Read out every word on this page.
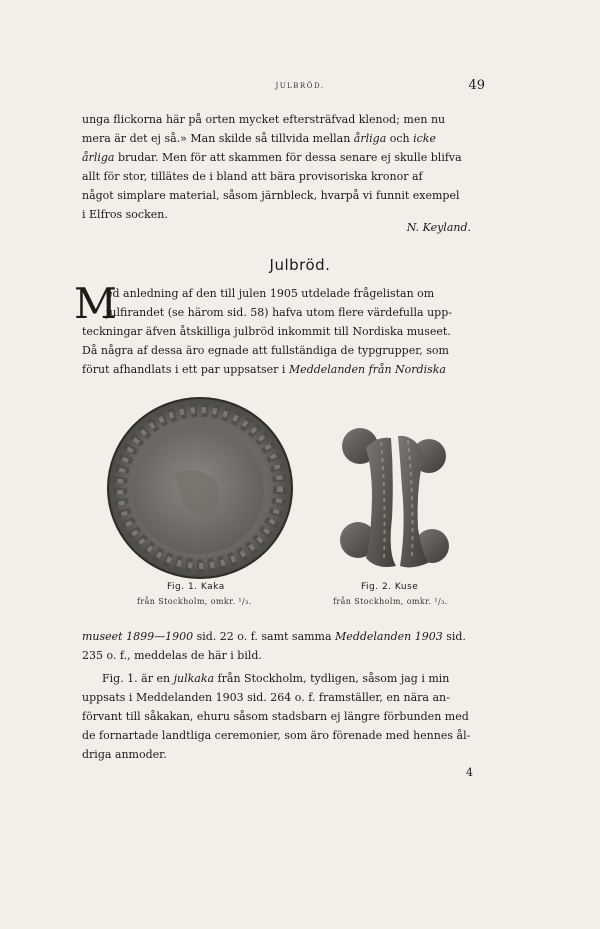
JULBRÖD.	49

unga flickorna här på orten mycket eftersträfvad klenod; men nu
mera är det ej så.» Man skilde så tillvida mellan årliga och icke
årliga brudar. Men för att skammen för dessa senare ej skulle blifva
allt för stor, tillätes de i bland att bära provisoriska kronor af
något simplare material, såsom järnbleck, hvarpå vi funnit exempel
i Elfros socken.

N. Keyland.
Julbröd.
M

ed anledning af den till julen 1905 utdelade frågelistan om
julfirandet (se härom sid. 58) hafva utom flere värdefulla upp-
teckningar äfven åtskilliga julbröd inkommit till Nordiska museet.
Då några af dessa äro egnade att fullständiga de typgrupper, som
förut afhandlats i ett par uppsatser i Meddelanden från Nordiska

Fig. 1. Kaka
från Stockholm, omkr. ¹/₃.
Fig. 2. Kuse
från Stockholm, omkr. ¹/₃.

museet 1899—1900 sid. 22 o. f. samt samma Meddelanden 1903 sid.
235 o. f., meddelas de här i bild.

Fig. 1. är en julkaka från Stockholm, tydligen, såsom jag i min
uppsats i Meddelanden 1903 sid. 264 o. f. framställer, en nära an-
förvant till såkakan, ehuru såsom stadsbarn ej längre förbunden med
de fornartade landtliga ceremonier, som äro förenade med hennes ål-
driga anmoder.

4
